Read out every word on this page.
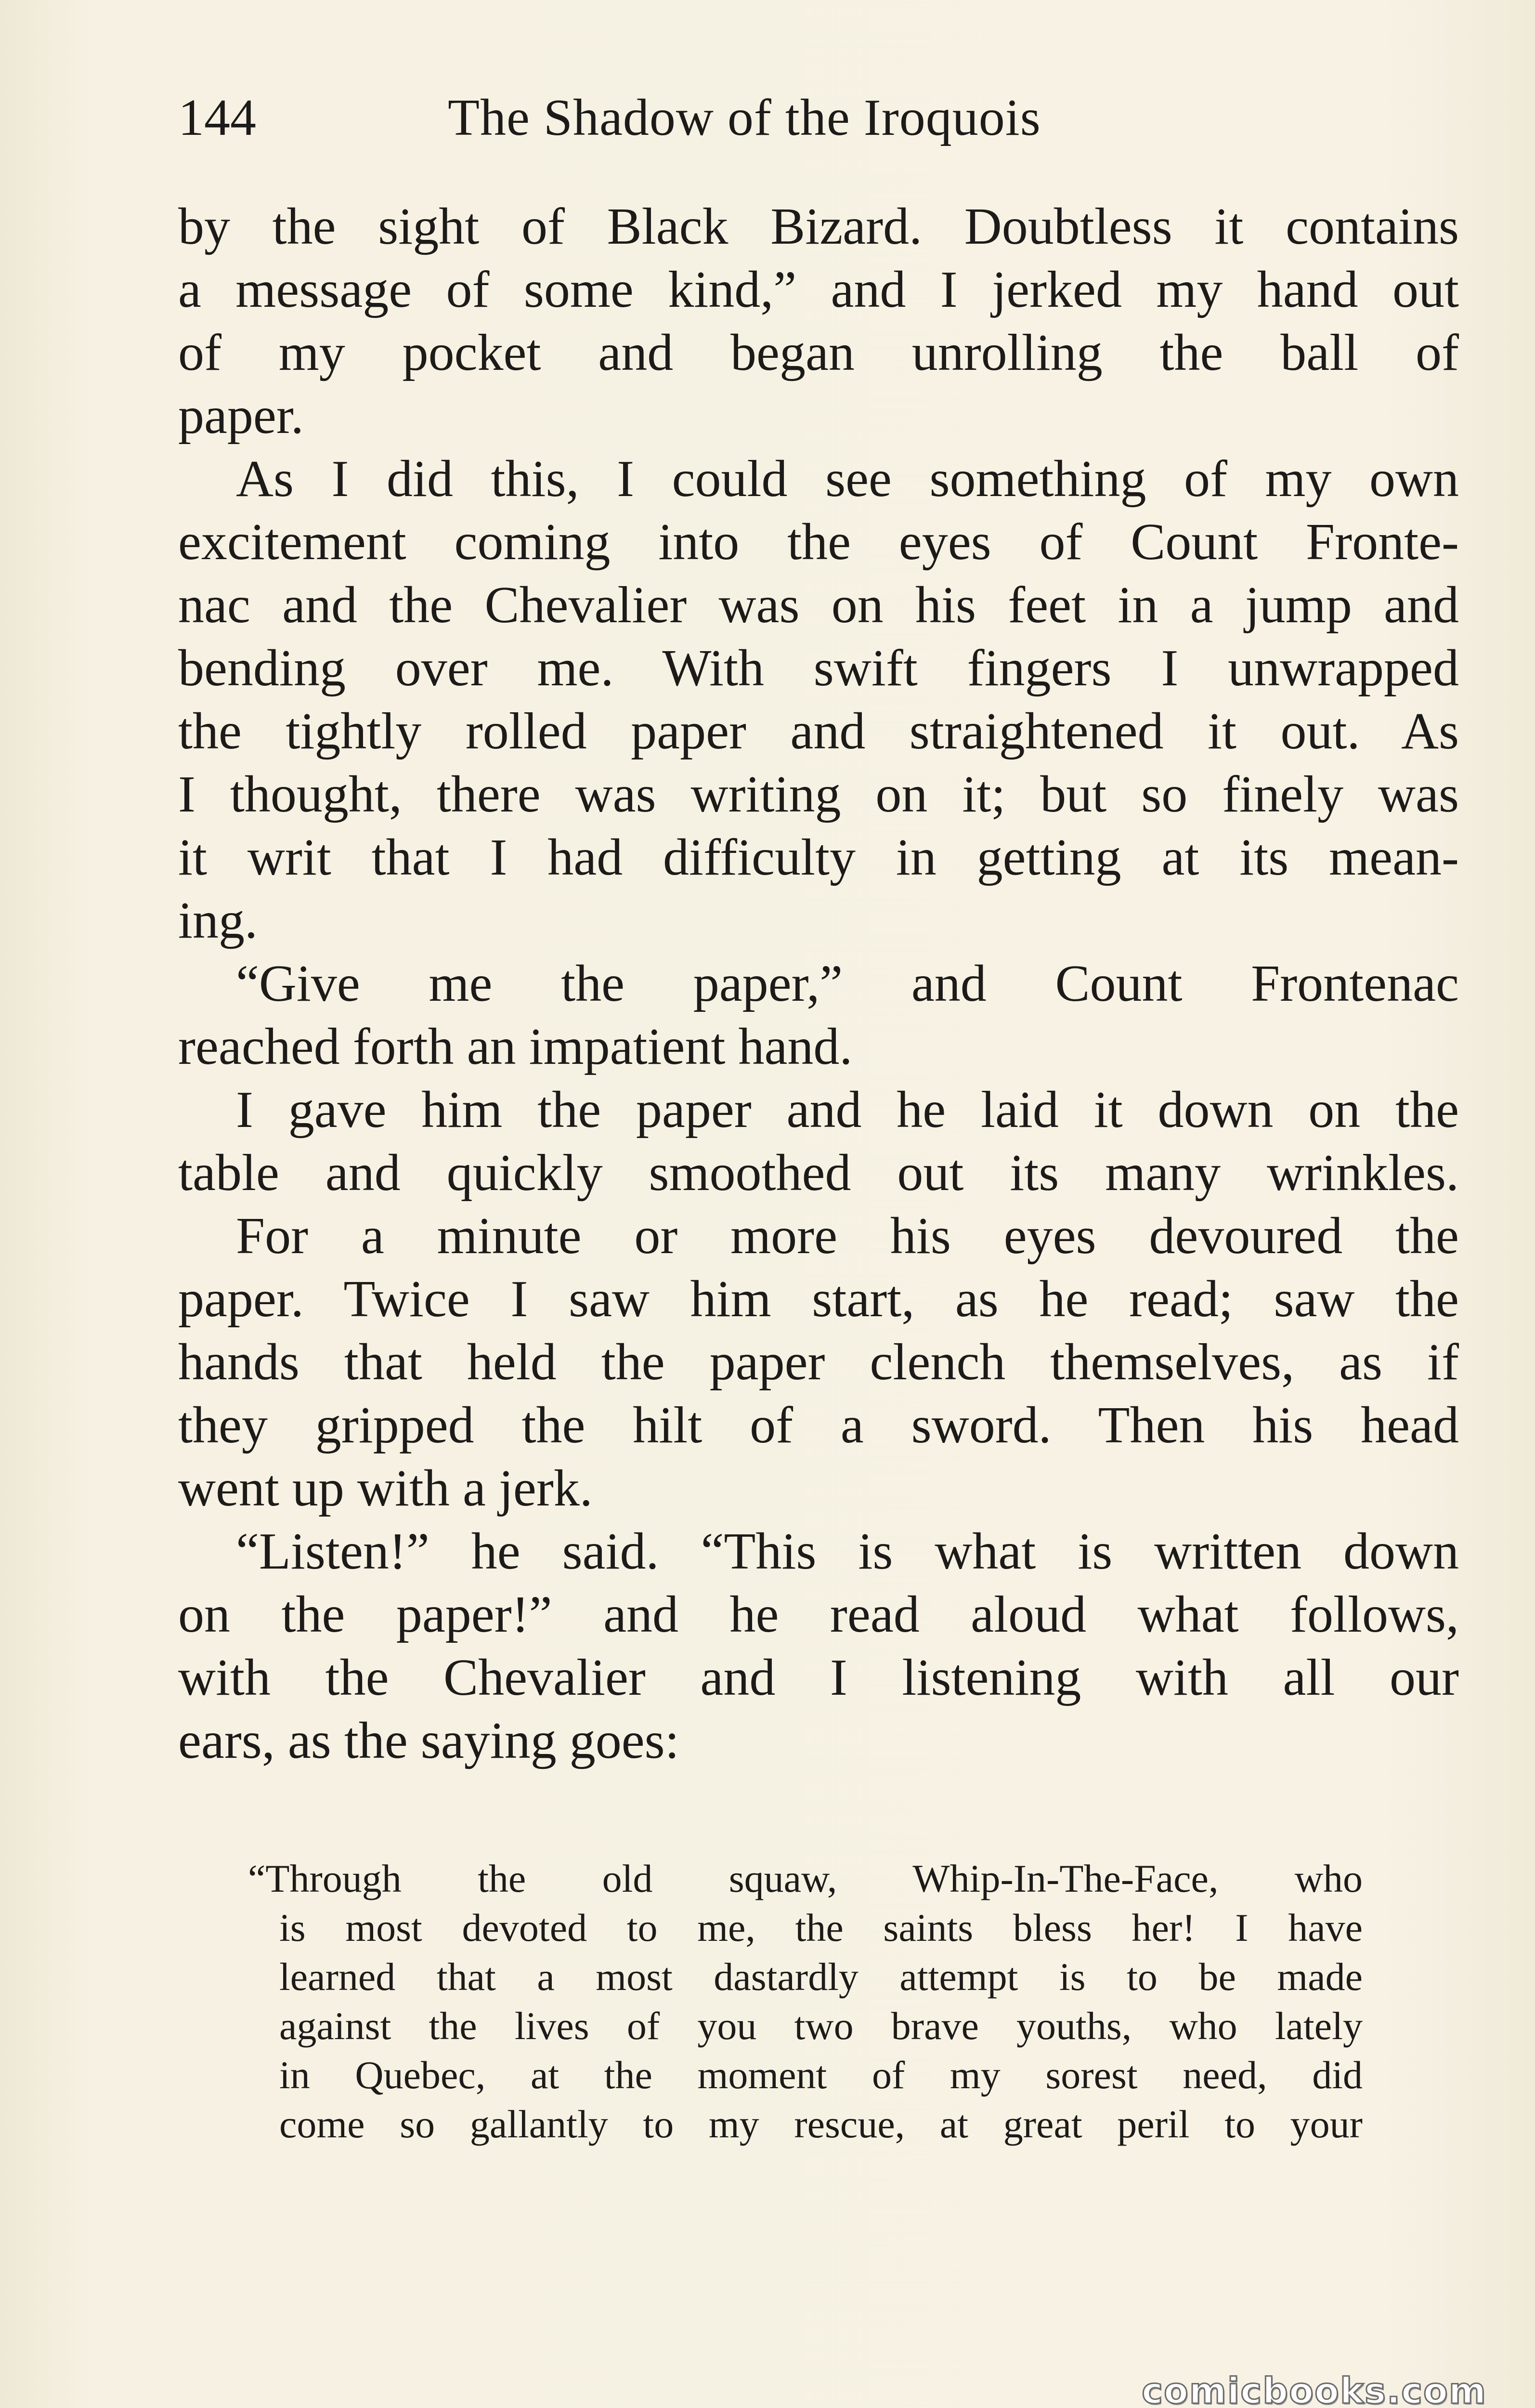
144	The Shadow of the Iroquois
by the sight of Black Bizard. Doubtless it contains
a message of some kind,” and I jerked my hand out
of my pocket and began unrolling the ball of
paper.
As I did this, I could see something of my own
excitement coming into the eyes of Count Fronte-
nac and the Chevalier was on his feet in a jump and
bending over me. With swift fingers I unwrapped
the tightly rolled paper and straightened it out. As
I thought, there was writing on it; but so finely was
it writ that I had difficulty in getting at its mean-
ing.
“Give me the paper,” and Count Frontenac
reached forth an impatient hand.
I gave him the paper and he laid it down on the
table and quickly smoothed out its many wrinkles.
For a minute or more his eyes devoured the
paper. Twice I saw him start, as he read; saw the
hands that held the paper clench themselves, as if
they gripped the hilt of a sword. Then his head
went up with a jerk.
“Listen!” he said. “This is what is written down
on the paper!” and he read aloud what follows,
with the Chevalier and I listening with all our
ears, as the saying goes:
“Through the old squaw, Whip-In-The-Face, who
is most devoted to me, the saints bless her! I have
learned that a most dastardly attempt is to be made
against the lives of you two brave youths, who lately
in Quebec, at the moment of my sorest need, did
come so gallantly to my rescue, at great peril to your
comicbooks.com
